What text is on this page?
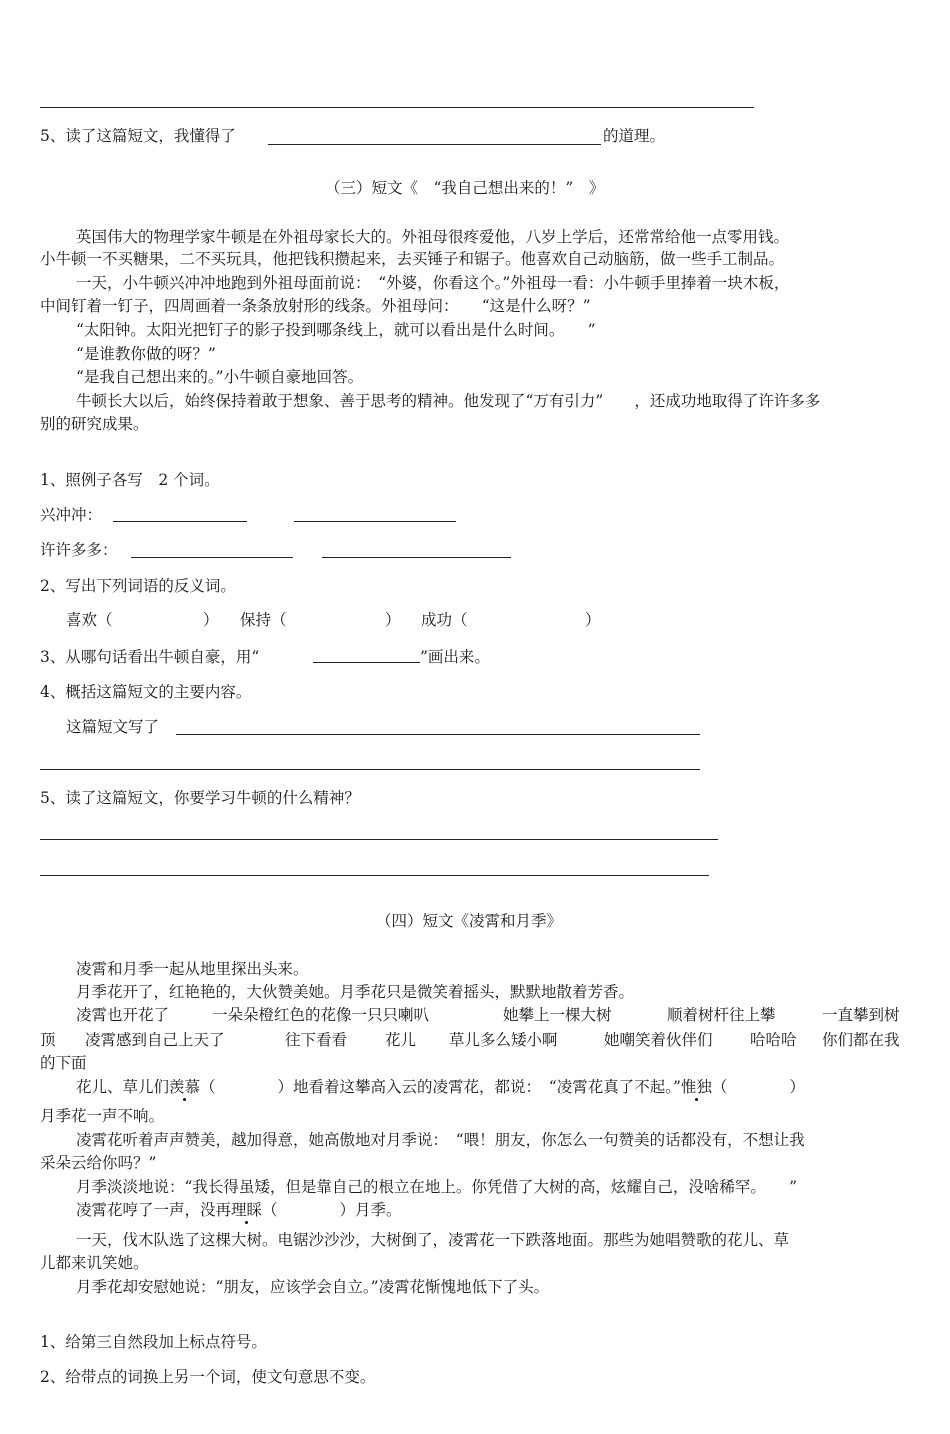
5、读了这篇短文，我懂得了	的道理。
（三）短文《　“我自己想出来的！”　》
英国伟大的物理学家牛顿是在外祖母家长大的。外祖母很疼爱他，八岁上学后，还常常给他一点零用钱。
小牛顿一不买糖果，二不买玩具，他把钱积攒起来，去买锤子和锯子。他喜欢自己动脑筋，做一些手工制品。
一天，小牛顿兴冲冲地跑到外祖母面前说：　“外婆，你看这个。”外祖母一看：小牛顿手里捧着一块木板，
中间钉着一钉子，四周画着一条条放射形的线条。外祖母问：　　“这是什么呀？”
“太阳钟。太阳光把钉子的影子投到哪条线上，就可以看出是什么时间。　　”
“是谁教你做的呀？”
“是我自己想出来的。”小牛顿自豪地回答。
牛顿长大以后，始终保持着敢于想象、善于思考的精神。他发现了“万有引力”　　，还成功地取得了许许多多
别的研究成果。
1、照例子各写　2 个词。
兴冲冲：
许许多多：
2、写出下列词语的反义词。
喜欢（	） 保持（	） 成功（	）
3、从哪句话看出牛顿自豪，用“	”画出来。
4、概括这篇短文的主要内容。
这篇短文写了
5、读了这篇短文，你要学习牛顿的什么精神？
（四）短文《凌霄和月季》
凌霄和月季一起从地里探出头来。
月季花开了，红艳艳的，大伙赞美她。月季花只是微笑着摇头，默默地散着芳香。
凌霄也开花了	一朵朵橙红色的花像一只只喇叭	她攀上一棵大树	顺着树杆往上攀	一直攀到树
顶 凌霄感到自己上天了	往下看看 花儿 草儿多么矮小啊	她嘲笑着伙伴们 哈哈哈 你们都在我
的下面
花儿、草儿们羡慕（　　　　）地看着这攀高入云的凌霄花，都说：　“凌霄花真了不起。”惟独（　　　　）
月季花一声不响。
凌霄花听着声声赞美，越加得意，她高傲地对月季说：　“喂！朋友，你怎么一句赞美的话都没有，不想让我
采朵云给你吗？”
月季淡淡地说：“我长得虽矮，但是靠自己的根立在地上。你凭借了大树的高，炫耀自己，没啥稀罕。　　”
凌霄花哼了一声，没再理睬（　　　　）月季。
一天，伐木队选了这棵大树。电锯沙沙沙，大树倒了，凌霄花一下跌落地面。那些为她唱赞歌的花儿、草
儿都来讥笑她。
月季花却安慰她说：“朋友，应该学会自立。”凌霄花惭愧地低下了头。
1、给第三自然段加上标点符号。
2、给带点的词换上另一个词，使文句意思不变。
